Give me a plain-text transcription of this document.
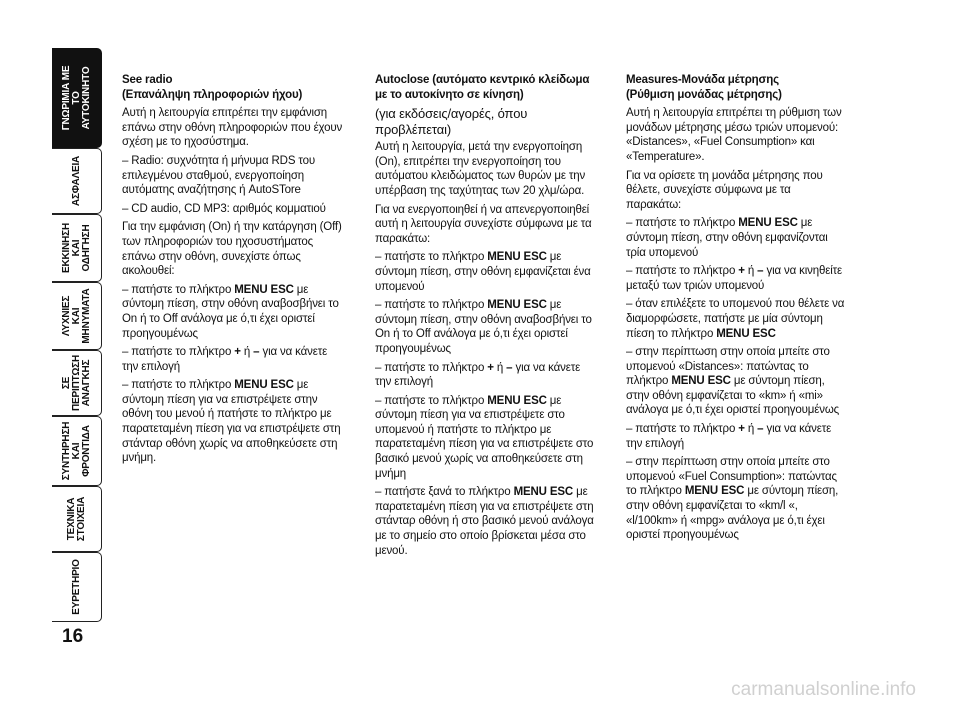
ΓΝΩΡΙΜΙΑ ΜΕ
ΤΟ
ΑΥΤΟΚΙΝΗΤΟ
ΑΣΦΑΛΕΙΑ
ΕΚΚΙΝΗΣΗ
ΚΑΙ
ΟΔΗΓΗΣΗ
ΛΥΧΝΙΕΣ
ΚΑΙ
ΜΗΝΥΜΑΤΑ
ΣΕ
ΠΕΡΙΠΤΩΣΗ
ΑΝΑΓΚΗΣ
ΣΥΝΤΗΡΗΣΗ
ΚΑΙ
ΦΡΟΝΤΙΔΑ
ΤΕΧΝΙΚΑ
ΣΤΟΙΧΕΙΑ
ΕΥΡΕΤΗΡΙΟ
16

See radio
(Επανάληψη πληροφοριών ήχου)

Αυτή η λειτουργία επιτρέπει την εμφάνιση επάνω στην οθόνη πληροφοριών που έχουν σχέση με το ηχοσύστημα.

– Radio: συχνότητα ή μήνυμα RDS του επιλεγμένου σταθμού, ενεργοποίηση αυτόματης αναζήτησης ή AutoSTore

– CD audio, CD MP3: αριθμός κομματιού

Για την εμφάνιση (On) ή την κατάργηση (Off) των πληροφοριών του ηχοσυστήματος επάνω στην οθόνη, συνεχίστε όπως ακολουθεί:

– πατήστε το πλήκτρο MENU ESC με σύντομη πίεση, στην οθόνη αναβοσβήνει το On ή το Off ανάλογα με ό,τι έχει οριστεί προηγουμένως

– πατήστε το πλήκτρο + ή – για να κάνετε την επιλογή

– πατήστε το πλήκτρο MENU ESC με σύντομη πίεση για να επιστρέψετε στην οθόνη του μενού ή πατήστε το πλήκτρο με παρατεταμένη πίεση για να επιστρέψετε στη στάνταρ οθόνη χωρίς να αποθηκεύσετε στη μνήμη.

Autoclose (αυτόματο κεντρικό κλείδωμα με το αυτοκίνητο σε κίνηση)

(για εκδόσεις/αγορές, όπου προβλέπεται)

Αυτή η λειτουργία, μετά την ενεργοποίηση (On), επιτρέπει την ενεργοποίηση του αυτόματου κλειδώματος των θυρών με την υπέρβαση της ταχύτητας των 20 χλμ/ώρα.

Για να ενεργοποιηθεί ή να απενεργοποιηθεί αυτή η λειτουργία συνεχίστε σύμφωνα με τα παρακάτω:

– πατήστε το πλήκτρο MENU ESC με σύντομη πίεση, στην οθόνη εμφανίζεται ένα υπομενού

– πατήστε το πλήκτρο MENU ESC με σύντομη πίεση, στην οθόνη αναβοσβήνει το On ή το Off ανάλογα με ό,τι έχει οριστεί προηγουμένως

– πατήστε το πλήκτρο + ή – για να κάνετε την επιλογή

– πατήστε το πλήκτρο MENU ESC με σύντομη πίεση για να επιστρέψετε στο υπομενού ή πατήστε το πλήκτρο με παρατεταμένη πίεση για να επιστρέψετε στο βασικό μενού χωρίς να αποθηκεύσετε στη μνήμη

– πατήστε ξανά το πλήκτρο MENU ESC με παρατεταμένη πίεση για να επιστρέψετε στη στάνταρ οθόνη ή στο βασικό μενού ανάλογα με το σημείο στο οποίο βρίσκεται μέσα στο μενού.

Measures-Μονάδα μέτρησης
(Ρύθμιση μονάδας μέτρησης)

Αυτή η λειτουργία επιτρέπει τη ρύθμιση των μονάδων μέτρησης μέσω τριών υπομενού: «Distances», «Fuel Consumption» και «Temperature».

Για να ορίσετε τη μονάδα μέτρησης που θέλετε, συνεχίστε σύμφωνα με τα παρακάτω:

– πατήστε το πλήκτρο MENU ESC με σύντομη πίεση, στην οθόνη εμφανίζονται τρία υπομενού

– πατήστε το πλήκτρο + ή – για να κινηθείτε μεταξύ των τριών υπομενού

– όταν επιλέξετε το υπομενού που θέλετε να διαμορφώσετε, πατήστε με μία σύντομη πίεση το πλήκτρο MENU ESC

– στην περίπτωση στην οποία μπείτε στο υπομενού «Distances»: πατώντας το πλήκτρο MENU ESC με σύντομη πίεση, στην οθόνη εμφανίζεται το «km» ή «mi» ανάλογα με ό,τι έχει οριστεί προηγουμένως

– πατήστε το πλήκτρο + ή – για να κάνετε την επιλογή

– στην περίπτωση στην οποία μπείτε στο υπομενού «Fuel Consumption»: πατώντας το πλήκτρο MENU ESC με σύντομη πίεση, στην οθόνη εμφανίζεται το «km/l «, «l/100km» ή «mpg» ανάλογα με ό,τι έχει οριστεί προηγουμένως

carmanualsonline.info
